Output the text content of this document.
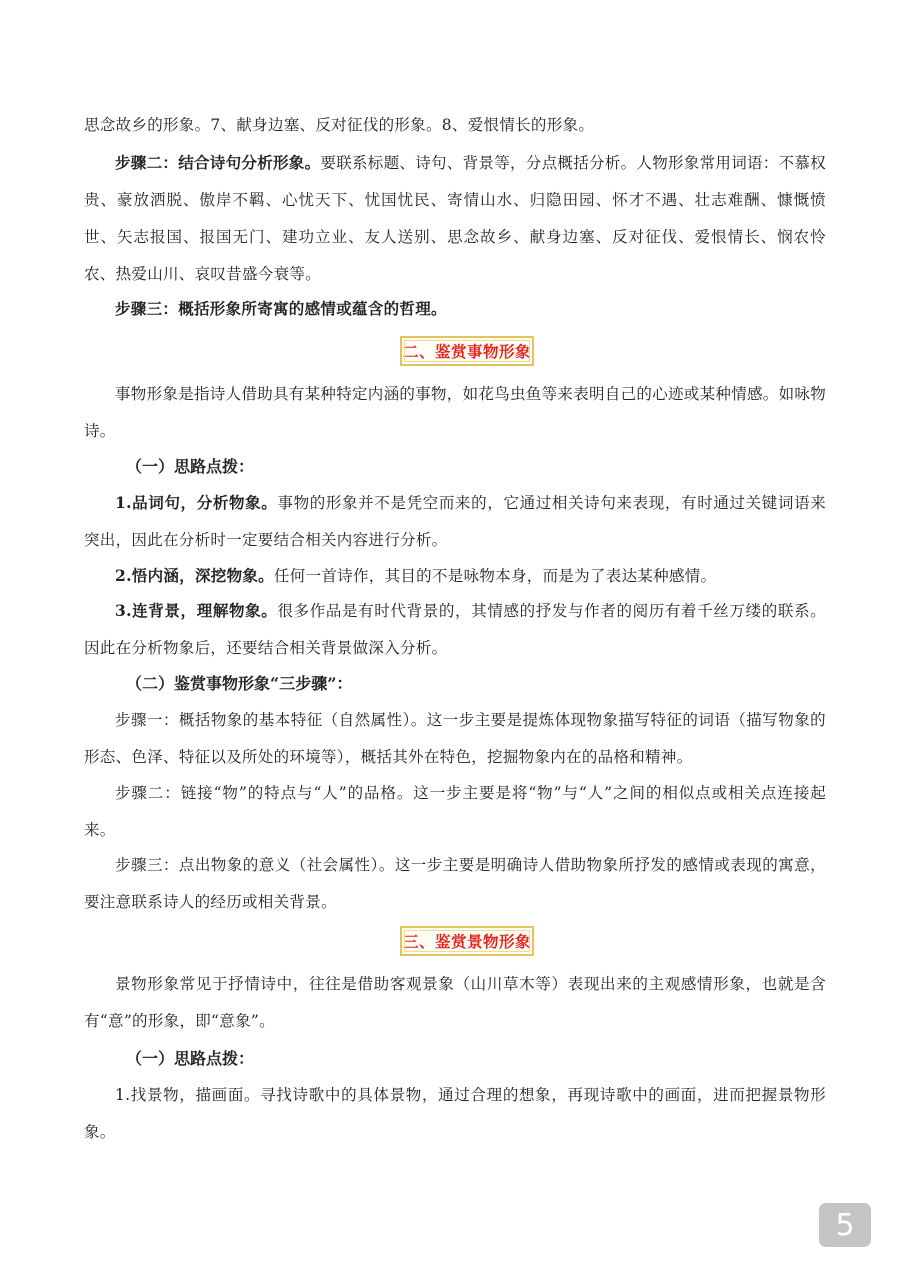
思念故乡的形象。7、献身边塞、反对征伐的形象。8、爱恨情长的形象。

步骤二：结合诗句分析形象。要联系标题、诗句、背景等，分点概括分析。人物形象常用词语：不慕权贵、豪放洒脱、傲岸不羁、心忧天下、忧国忧民、寄情山水、归隐田园、怀才不遇、壮志难酬、慷慨愤世、矢志报国、报国无门、建功立业、友人送别、思念故乡、献身边塞、反对征伐、爱恨情长、悯农怜农、热爱山川、哀叹昔盛今衰等。

步骤三：概括形象所寄寓的感情或蕴含的哲理。

二、鉴赏事物形象

事物形象是指诗人借助具有某种特定内涵的事物，如花鸟虫鱼等来表明自己的心迹或某种情感。如咏物诗。

（一）思路点拨：

1.品词句，分析物象。事物的形象并不是凭空而来的，它通过相关诗句来表现，有时通过关键词语来突出，因此在分析时一定要结合相关内容进行分析。

2.悟内涵，深挖物象。任何一首诗作，其目的不是咏物本身，而是为了表达某种感情。

3.连背景，理解物象。很多作品是有时代背景的，其情感的抒发与作者的阅历有着千丝万缕的联系。因此在分析物象后，还要结合相关背景做深入分析。

（二）鉴赏事物形象“三步骤”：

步骤一：概括物象的基本特征（自然属性）。这一步主要是提炼体现物象描写特征的词语（描写物象的形态、色泽、特征以及所处的环境等），概括其外在特色，挖掘物象内在的品格和精神。

步骤二：链接“物”的特点与“人”的品格。这一步主要是将“物”与“人”之间的相似点或相关点连接起来。

步骤三：点出物象的意义（社会属性）。这一步主要是明确诗人借助物象所抒发的感情或表现的寓意，要注意联系诗人的经历或相关背景。

三、鉴赏景物形象

景物形象常见于抒情诗中，往往是借助客观景象（山川草木等）表现出来的主观感情形象，也就是含有“意”的形象，即“意象”。

（一）思路点拨：

1.找景物，描画面。寻找诗歌中的具体景物，通过合理的想象，再现诗歌中的画面，进而把握景物形象。

5
